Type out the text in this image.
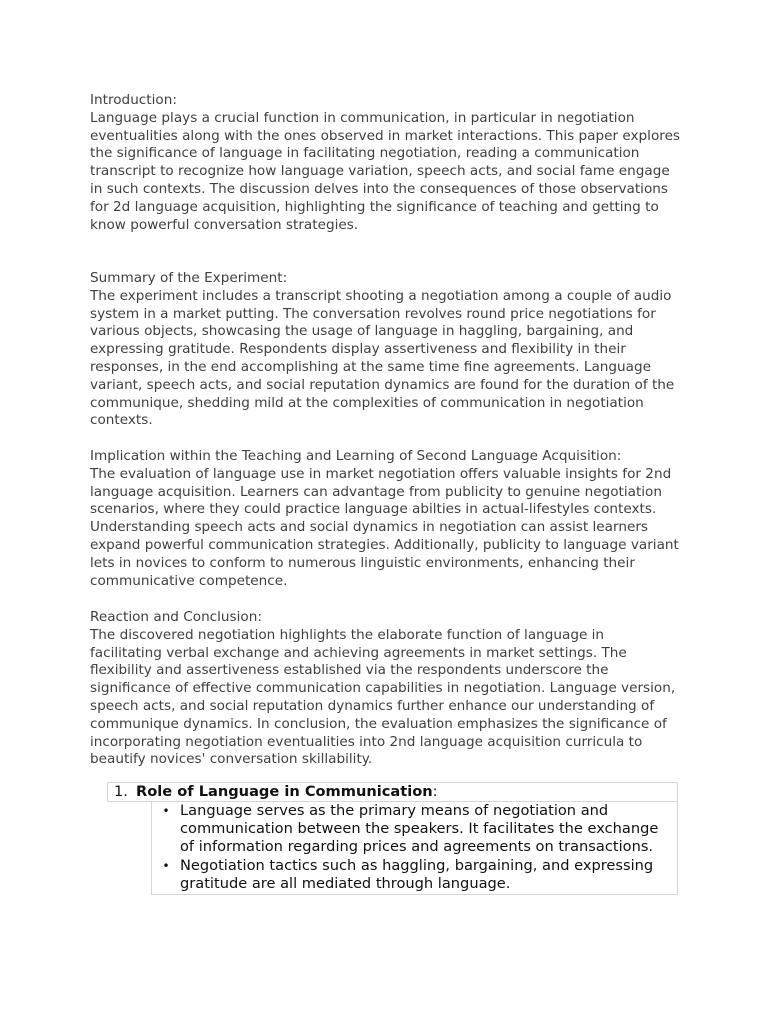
Introduction:

Language plays a crucial function in communication, in particular in negotiation eventualities along with the ones observed in market interactions. This paper explores the significance of language in facilitating negotiation, reading a communication transcript to recognize how language variation, speech acts, and social fame engage in such contexts. The discussion delves into the consequences of those observations for 2d language acquisition, highlighting the significance of teaching and getting to know powerful conversation strategies.

Summary of the Experiment:

The experiment includes a transcript shooting a negotiation among a couple of audio system in a market putting. The conversation revolves round price negotiations for various objects, showcasing the usage of language in haggling, bargaining, and expressing gratitude. Respondents display assertiveness and flexibility in their responses, in the end accomplishing at the same time fine agreements. Language variant, speech acts, and social reputation dynamics are found for the duration of the communique, shedding mild at the complexities of communication in negotiation contexts.

Implication within the Teaching and Learning of Second Language Acquisition:

The evaluation of language use in market negotiation offers valuable insights for 2nd language acquisition. Learners can advantage from publicity to genuine negotiation scenarios, where they could practice language abilties in actual-lifestyles contexts. Understanding speech acts and social dynamics in negotiation can assist learners expand powerful communication strategies. Additionally, publicity to language variant lets in novices to conform to numerous linguistic environments, enhancing their communicative competence.

Reaction and Conclusion:

The discovered negotiation highlights the elaborate function of language in facilitating verbal exchange and achieving agreements in market settings. The flexibility and assertiveness established via the respondents underscore the significance of effective communication capabilities in negotiation. Language version, speech acts, and social reputation dynamics further enhance our understanding of communique dynamics. In conclusion, the evaluation emphasizes the significance of incorporating negotiation eventualities into 2nd language acquisition curricula to beautify novices' conversation skillability.

1. Role of Language in Communication :
• Language serves as the primary means of negotiation and communication between the speakers. It facilitates the exchange of information regarding prices and agreements on transactions.
• Negotiation tactics such as haggling, bargaining, and expressing gratitude are all mediated through language.
